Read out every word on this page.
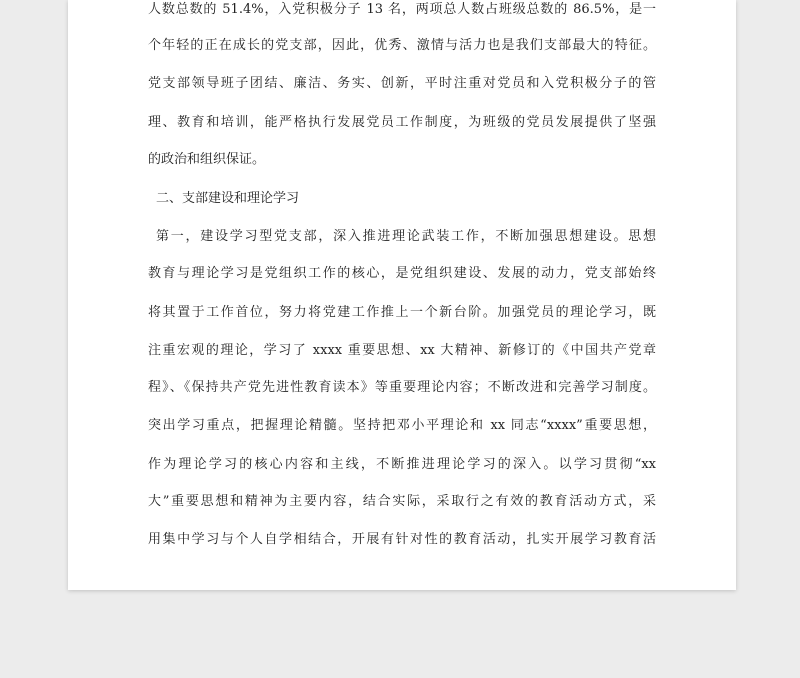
人数总数的 51.4%，入党积极分子 13 名，两项总人数占班级总数的 86.5%，是一

个年轻的正在成长的党支部，因此，优秀、激情与活力也是我们支部最大的特征。

党支部领导班子团结、廉洁、务实、创新，平时注重对党员和入党积极分子的管

理、教育和培训，能严格执行发展党员工作制度，为班级的党员发展提供了坚强

的政治和组织保证。

二、支部建设和理论学习

第一，建设学习型党支部，深入推进理论武装工作，不断加强思想建设。思想

教育与理论学习是党组织工作的核心，是党组织建设、发展的动力，党支部始终

将其置于工作首位，努力将党建工作推上一个新台阶。加强党员的理论学习，既

注重宏观的理论，学习了 xxxx 重要思想、xx 大精神、新修订的《中国共产党章

程》、《保持共产党先进性教育读本》等重要理论内容；不断改进和完善学习制度。

突出学习重点，把握理论精髓。坚持把邓小平理论和 xx 同志“xxxx”重要思想，

作为理论学习的核心内容和主线，不断推进理论学习的深入。以学习贯彻“xx

大”重要思想和精神为主要内容，结合实际，采取行之有效的教育活动方式，采

用集中学习与个人自学相结合，开展有针对性的教育活动，扎实开展学习教育活
